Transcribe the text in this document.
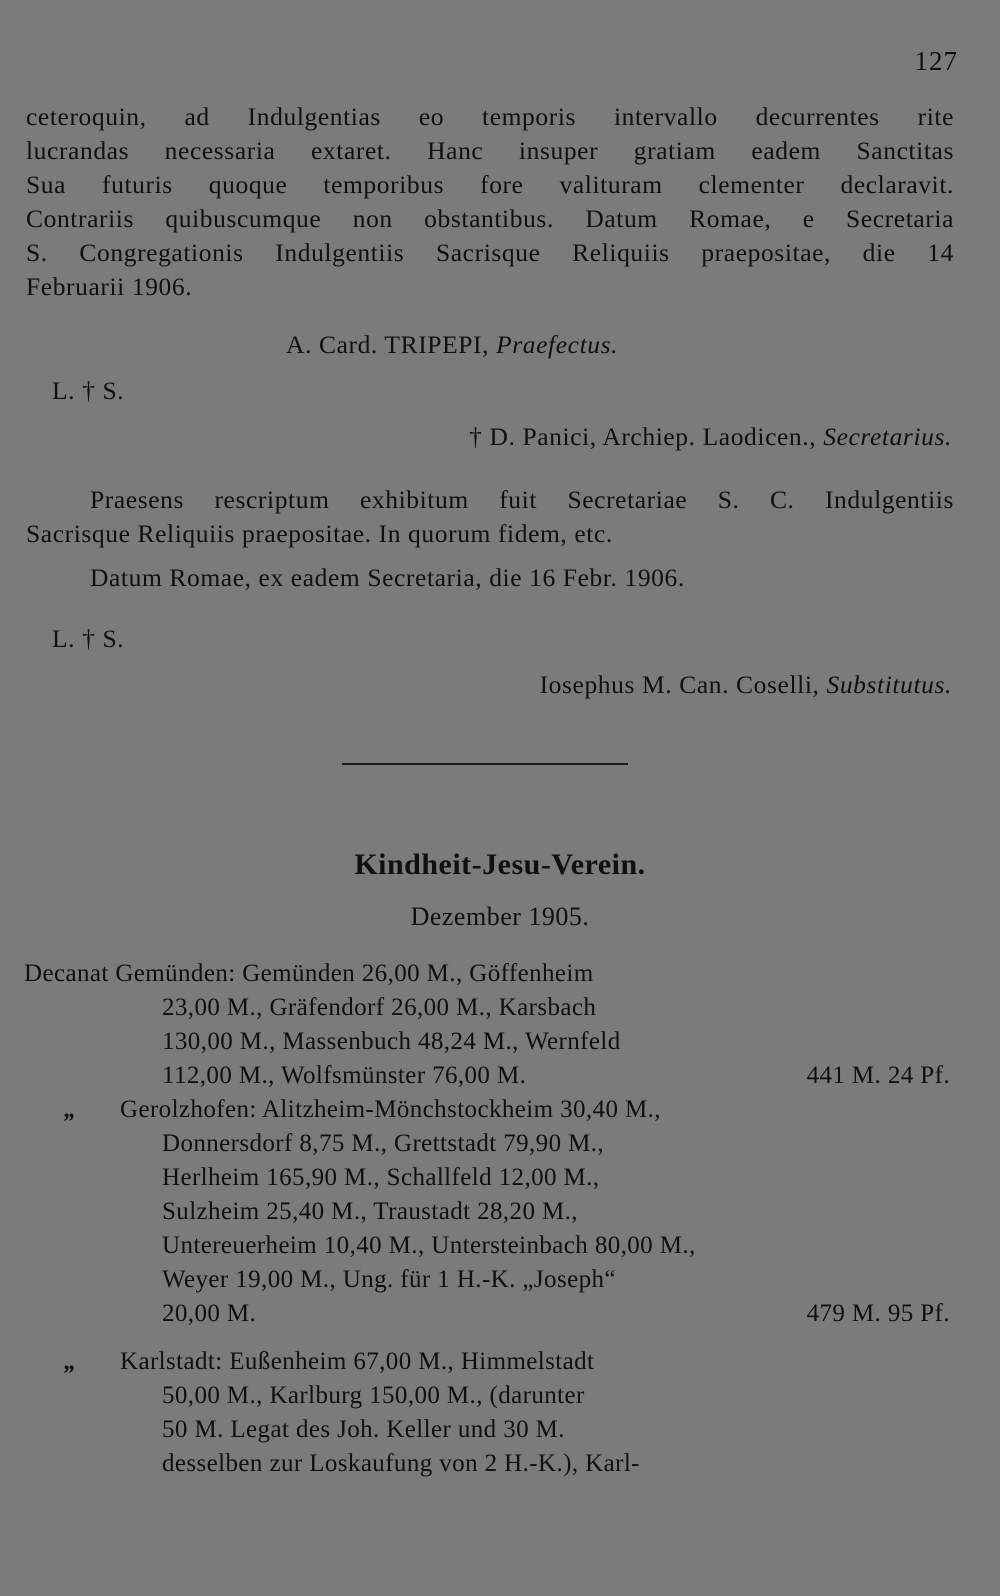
127
ceteroquin, ad Indulgentias eo temporis intervallo decurrentes rite
lucrandas necessaria extaret. Hanc insuper gratiam eadem Sanctitas
Sua futuris quoque temporibus fore valituram clementer declaravit.
Contrariis quibuscumque non obstantibus. Datum Romae, e Secretaria
S. Congregationis Indulgentiis Sacrisque Reliquiis praepositae, die 14
Februarii 1906.
A. Card. TRIPEPI, Praefectus.
L. † S.
† D. Panici, Archiep. Laodicen., Secretarius.
Praesens rescriptum exhibitum fuit Secretariae S. C. Indulgentiis
Sacrisque Reliquiis praepositae. In quorum fidem, etc.
Datum Romae, ex eadem Secretaria, die 16 Febr. 1906.
L. † S.
Iosephus M. Can. Coselli, Substitutus.
Kindheit-Jesu-Verein.
Dezember 1905.
Decanat Gemünden: Gemünden 26,00 M., Göffenheim
23,00 M., Gräfendorf 26,00 M., Karsbach
130,00 M., Massenbuch 48,24 M., Wernfeld
112,00 M., Wolfsmünster 76,00 M.	441 M. 24 Pf.
„ Gerolzhofen: Alitzheim-Mönchstockheim 30,40 M.,
Donnersdorf 8,75 M., Grettstadt 79,90 M.,
Herlheim 165,90 M., Schallfeld 12,00 M.,
Sulzheim 25,40 M., Traustadt 28,20 M.,
Untereuerheim 10,40 M., Untersteinbach 80,00 M.,
Weyer 19,00 M., Ung. für 1 H.-K. „Joseph“
20,00 M.	479 M. 95 Pf.
„ Karlstadt: Eußenheim 67,00 M., Himmelstadt
50,00 M., Karlburg 150,00 M., (darunter
50 M. Legat des Joh. Keller und 30 M.
desselben zur Loskaufung von 2 H.-K.), Karl-
